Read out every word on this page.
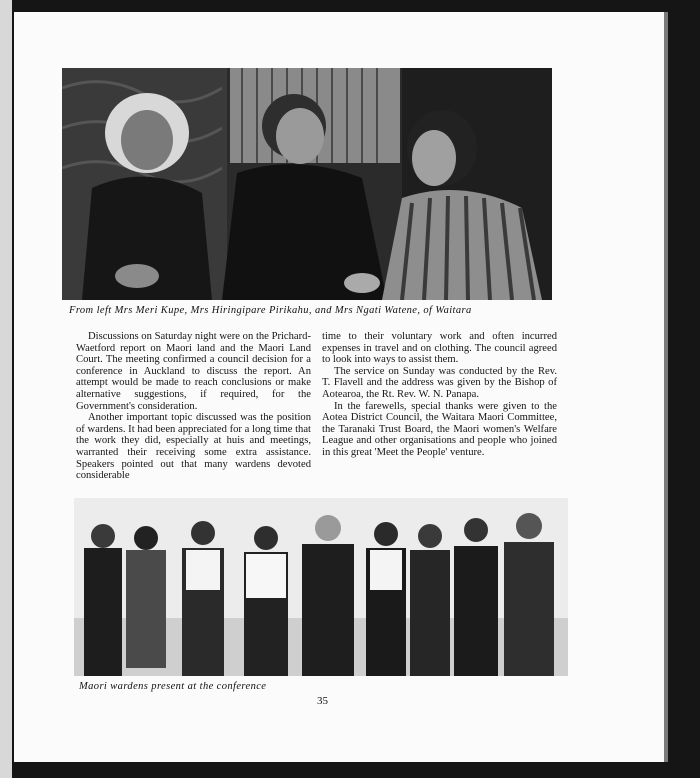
From left Mrs Meri Kupe, Mrs Hiringipare Pirikahu, and Mrs Ngati Watene, of Waitara

Discussions on Saturday night were on the Prichard-Waetford report on Maori land and the Maori Land Court. The meeting confirmed a council decision for a conference in Auckland to discuss the report. An attempt would be made to reach conclusions or make alternative suggestions, if required, for the Government's consideration.

Another important topic discussed was the position of wardens. It had been appreciated for a long time that the work they did, especially at huis and meetings, warranted their receiving some extra assistance. Speakers pointed out that many wardens devoted considerable

time to their voluntary work and often incurred expenses in travel and on clothing. The council agreed to look into ways to assist them.

The service on Sunday was conducted by the Rev. T. Flavell and the address was given by the Bishop of Aotearoa, the Rt. Rev. W. N. Panapa.

In the farewells, special thanks were given to the Aotea District Council, the Waitara Maori Committee, the Taranaki Trust Board, the Maori women's Welfare League and other organisations and people who joined in this great 'Meet the People' venture.

Maori wardens present at the conference
35
